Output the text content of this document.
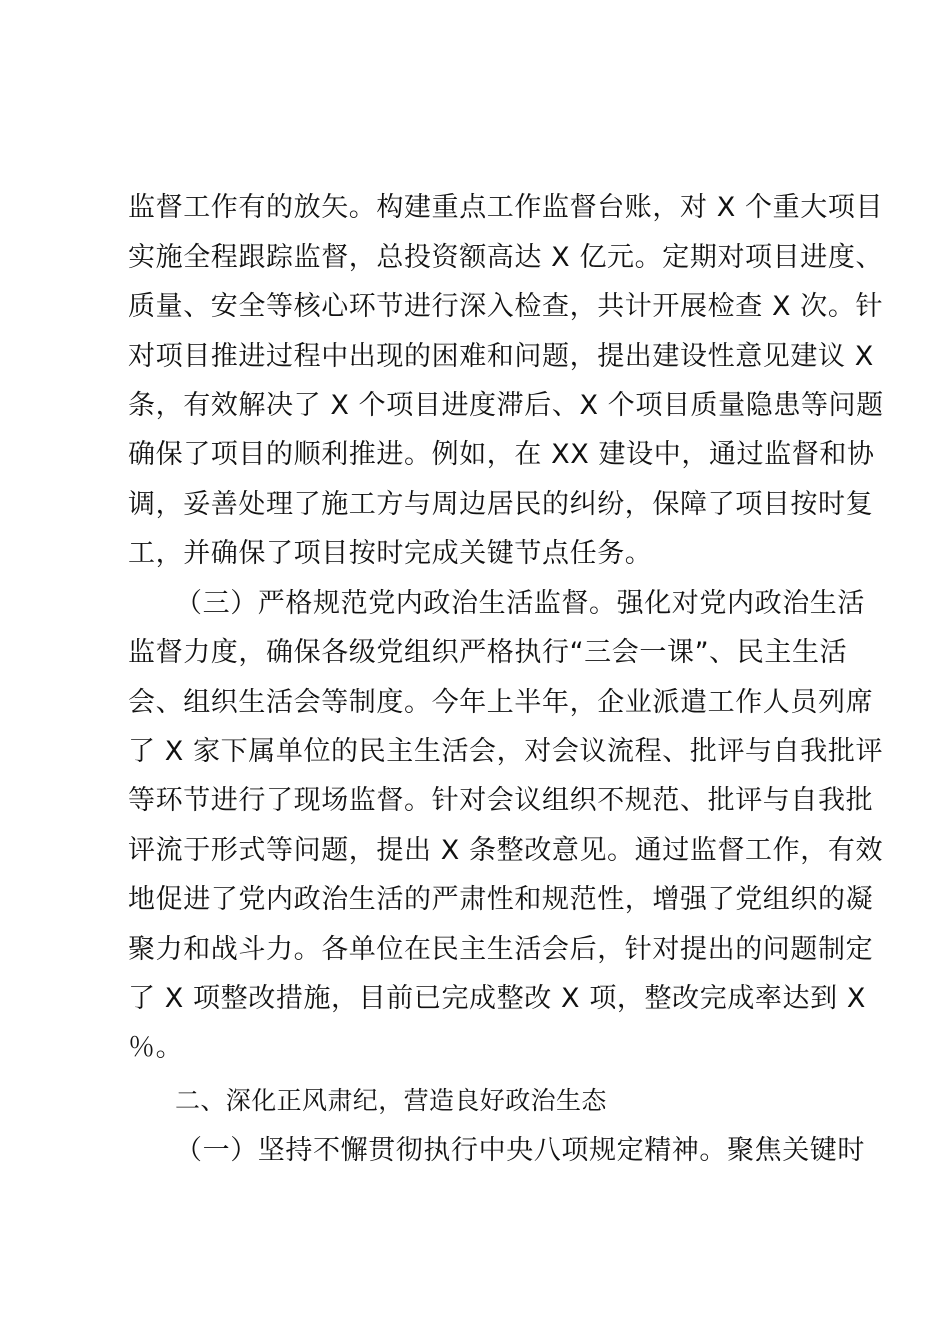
监督工作有的放矢。构建重点工作监督台账，对 X 个重大项目
实施全程跟踪监督，总投资额高达 X 亿元。定期对项目进度、
质量、安全等核心环节进行深入检查，共计开展检查 X 次。针
对项目推进过程中出现的困难和问题，提出建设性意见建议 X
条，有效解决了 X 个项目进度滞后、X 个项目质量隐患等问题
确保了项目的顺利推进。例如，在 XX 建设中，通过监督和协
调，妥善处理了施工方与周边居民的纠纷，保障了项目按时复
工，并确保了项目按时完成关键节点任务。
（三）严格规范党内政治生活监督。强化对党内政治生活
监督力度，确保各级党组织严格执行“三会一课”、民主生活
会、组织生活会等制度。今年上半年，企业派遣工作人员列席
了 X 家下属单位的民主生活会，对会议流程、批评与自我批评
等环节进行了现场监督。针对会议组织不规范、批评与自我批
评流于形式等问题，提出 X 条整改意见。通过监督工作，有效
地促进了党内政治生活的严肃性和规范性，增强了党组织的凝
聚力和战斗力。各单位在民主生活会后，针对提出的问题制定
了 X 项整改措施，目前已完成整改 X 项，整改完成率达到 X
％。
二、深化正风肃纪，营造良好政治生态
（一）坚持不懈贯彻执行中央八项规定精神。聚焦关键时
